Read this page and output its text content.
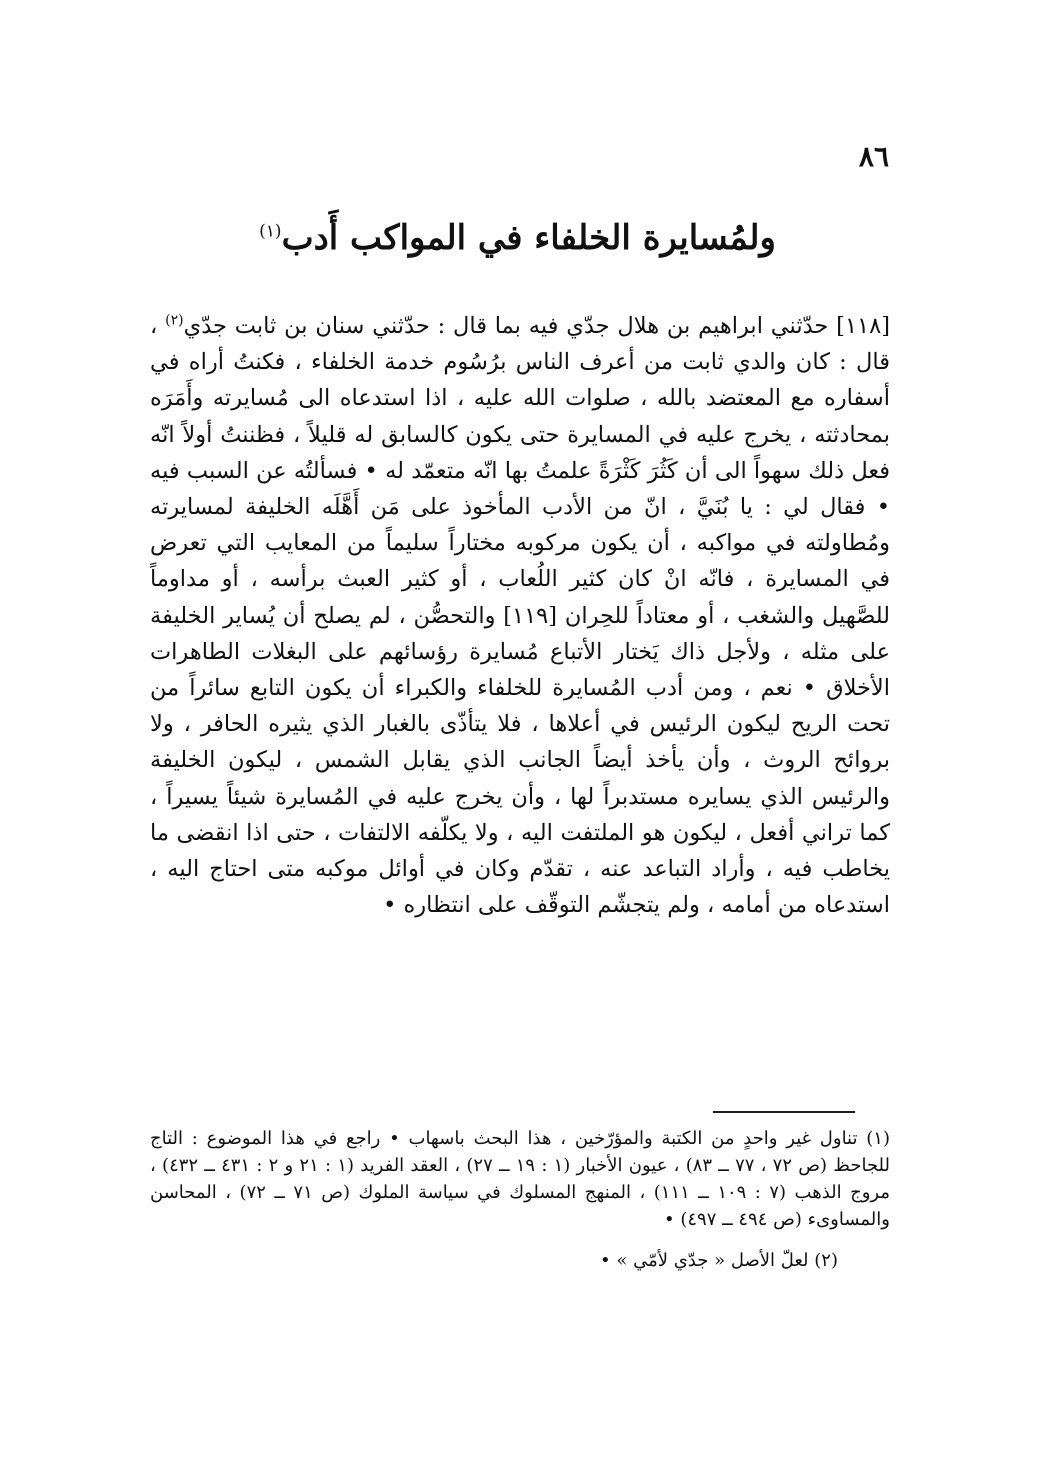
٨٦
ولمُسايرة الخلفاء في المواكب أَدب$^{(١)}$

[١١٨] حدّثني ابراهيم بن هلال جدّي فيه بما قال : حدّثني سنان بن ثابت جدّي$^{(٢)}$ ، قال : كان والدي ثابت من أعرف الناس برُسُوم خدمة الخلفاء ، فكنتُ أراه في أسفاره مع المعتضد بالله ، صلوات الله عليه ، اذا استدعاه الى مُسايرته وأَمَرَه بمحادثته ، يخرج عليه في المسايرة حتى يكون كالسابق له قليلاً ، فظننتُ أولاً انّه فعل ذلك سهواً الى أن كَثُرَ كَثْرَةً علمتُ بها انّه متعمّد له • فسألتُه عن السبب فيه • فقال لي : يا بُنَيَّ ، انّ من الأدب المأخوذ على مَن أَهَّلَه الخليفة لمسايرته ومُطاولته في مواكبه ، أن يكون مركوبه مختاراً سليماً من المعايب التي تعرض في المسايرة ، فانّه انْ كان كثير اللُعاب ، أو كثير العبث برأسه ، أو مداوماً للصَّهيل والشغب ، أو معتاداً للحِران [١١٩] والتحصُّن ، لم يصلح أن يُساير الخليفة على مثله ، ولأجل ذاك يَختار الأتباع مُسايرة رؤسائهم على البغلات الطاهرات الأخلاق • نعم ، ومن أدب المُسايرة للخلفاء والكبراء أن يكون التابع سائراً من تحت الريح ليكون الرئيس في أعلاها ، فلا يتأذّى بالغبار الذي يثيره الحافر ، ولا بروائح الروث ، وأن يأخذ أيضاً الجانب الذي يقابل الشمس ، ليكون الخليفة والرئيس الذي يسايره مستدبراً لها ، وأن يخرج عليه في المُسايرة شيئاً يسيراً ، كما تراني أفعل ، ليكون هو الملتفت اليه ، ولا يكلّفه الالتفات ، حتى اذا انقضى ما يخاطب فيه ، وأراد التباعد عنه ، تقدّم وكان في أوائل موكبه متى احتاج اليه ، استدعاه من أمامه ، ولم يتجشّم التوقّف على انتظاره •

(١) تناول غير واحدٍ من الكتبة والمؤرّخين ، هذا البحث باسهاب • راجع في هذا الموضوع : التاج للجاحظ (ص ٧٢ ، ٧٧ ــ ٨٣) ، عيون الأخبار (١ : ١٩ ــ ٢٧) ، العقد الفريد (١ : ٢١ و ٢ : ٤٣١ ــ ٤٣٢) ، مروج الذهب (٧ : ١٠٩ ــ ١١١) ، المنهج المسلوك في سياسة الملوك (ص ٧١ ــ ٧٢) ، المحاسن والمساوىء (ص ٤٩٤ ــ ٤٩٧) •

(٢) لعلّ الأصل « جدّي لأمّي » •
